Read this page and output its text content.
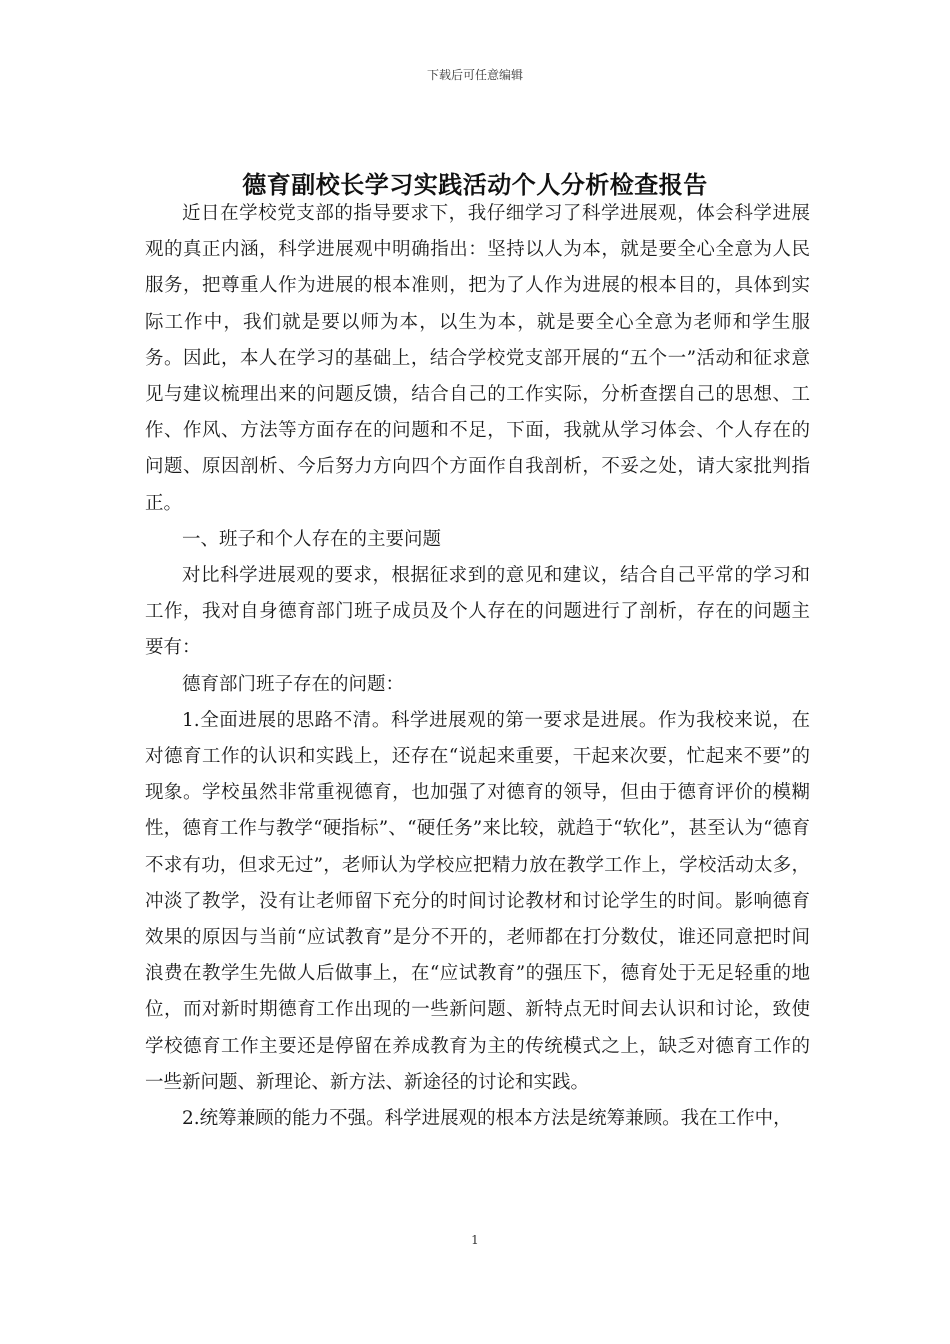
下载后可任意编辑
德育副校长学习实践活动个人分析检查报告

近日在学校党支部的指导要求下，我仔细学习了科学进展观，体会科学进展观的真正内涵，科学进展观中明确指出：坚持以人为本，就是要全心全意为人民服务，把尊重人作为进展的根本准则，把为了人作为进展的根本目的，具体到实际工作中，我们就是要以师为本，以生为本，就是要全心全意为老师和学生服务。因此，本人在学习的基础上，结合学校党支部开展的“五个一”活动和征求意见与建议梳理出来的问题反馈，结合自己的工作实际，分析查摆自己的思想、工作、作风、方法等方面存在的问题和不足，下面，我就从学习体会、个人存在的问题、原因剖析、今后努力方向四个方面作自我剖析，不妥之处，请大家批判指正。

一、班子和个人存在的主要问题

对比科学进展观的要求，根据征求到的意见和建议，结合自己平常的学习和工作，我对自身德育部门班子成员及个人存在的问题进行了剖析，存在的问题主要有：

德育部门班子存在的问题：

1.全面进展的思路不清。科学进展观的第一要求是进展。作为我校来说，在对德育工作的认识和实践上，还存在“说起来重要，干起来次要，忙起来不要”的现象。学校虽然非常重视德育，也加强了对德育的领导，但由于德育评价的模糊性，德育工作与教学“硬指标”、“硬任务”来比较，就趋于“软化”，甚至认为“德育不求有功，但求无过”，老师认为学校应把精力放在教学工作上，学校活动太多，冲淡了教学，没有让老师留下充分的时间讨论教材和讨论学生的时间。影响德育效果的原因与当前“应试教育”是分不开的，老师都在打分数仗，谁还同意把时间浪费在教学生先做人后做事上，在“应试教育”的强压下，德育处于无足轻重的地位，而对新时期德育工作出现的一些新问题、新特点无时间去认识和讨论，致使学校德育工作主要还是停留在养成教育为主的传统模式之上，缺乏对德育工作的一些新问题、新理论、新方法、新途径的讨论和实践。

2.统筹兼顾的能力不强。科学进展观的根本方法是统筹兼顾。我在工作中，

1
